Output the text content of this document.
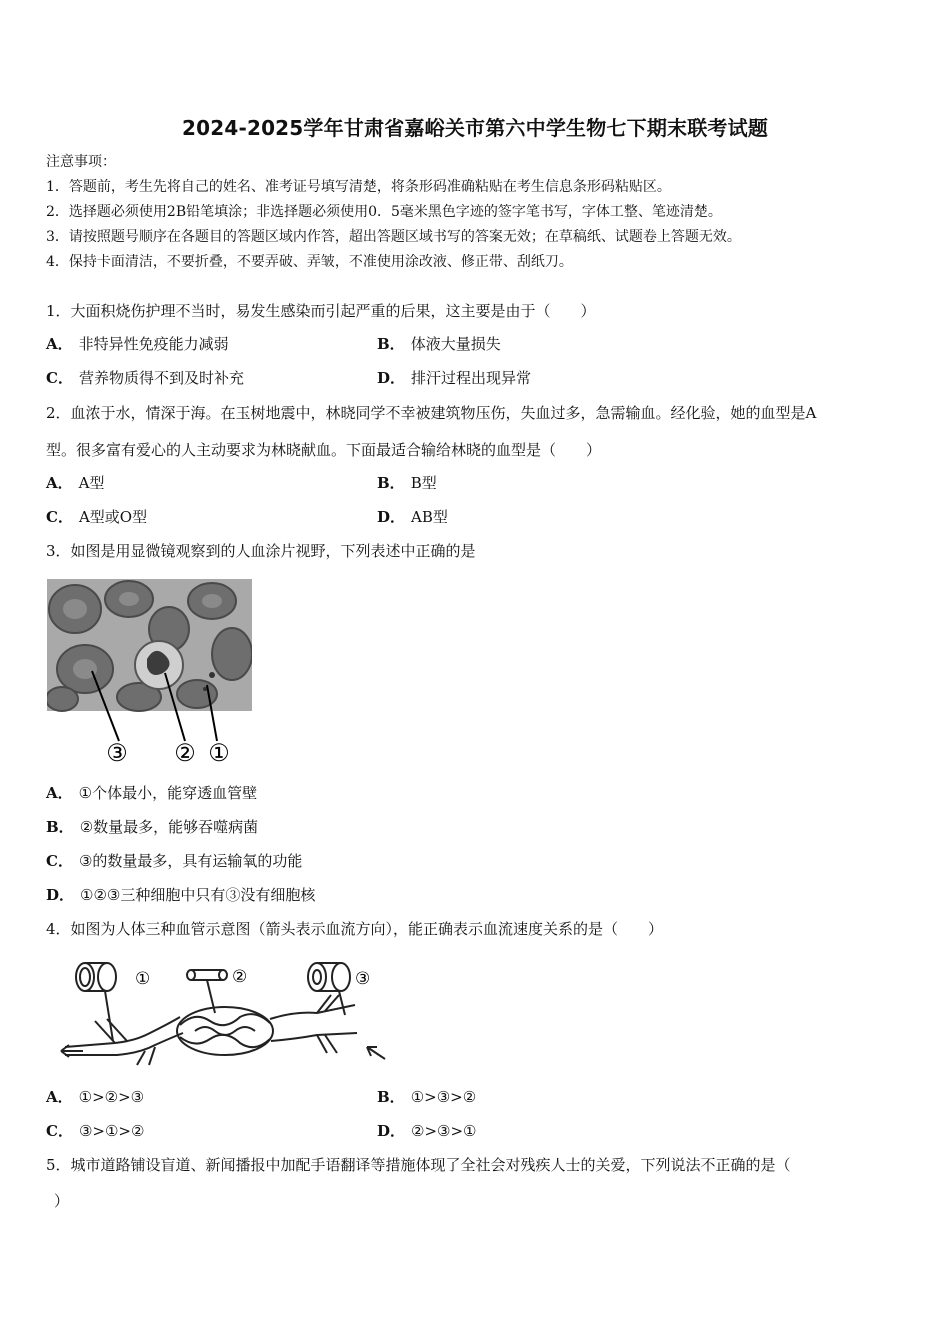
2024-2025学年甘肃省嘉峪关市第六中学生物七下期末联考试题
注意事项：
1．答题前，考生先将自己的姓名、准考证号填写清楚，将条形码准确粘贴在考生信息条形码粘贴区。
2．选择题必须使用2B铅笔填涂；非选择题必须使用0．5毫米黑色字迹的签字笔书写，字体工整、笔迹清楚。
3．请按照题号顺序在各题目的答题区域内作答，超出答题区域书写的答案无效；在草稿纸、试题卷上答题无效。
4．保持卡面清洁，不要折叠，不要弄破、弄皱，不准使用涂改液、修正带、刮纸刀。
1．大面积烧伤护理不当时，易发生感染而引起严重的后果，这主要是由于（　　）
A． 非特异性免疫能力减弱	B． 体液大量损失
C． 营养物质得不到及时补充	D． 排汗过程出现异常
2．血浓于水，情深于海。在玉树地震中，林晓同学不幸被建筑物压伤，失血过多，急需输血。经化验，她的血型是A
型。很多富有爱心的人主动要求为林晓献血。下面最适合输给林晓的血型是（　　）
A． A型	B． B型
C． A型或O型	D． AB型
3．如图是用显微镜观察到的人血涂片视野，下列表述中正确的是
③ ② ①
A． ①个体最小，能穿透血管壁
B． ②数量最多，能够吞噬病菌
C． ③的数量最多，具有运输氧的功能
D． ①②③三种细胞中只有③没有细胞核
4．如图为人体三种血管示意图（箭头表示血流方向），能正确表示血流速度关系的是（　　）
①	②	③
A． ①>②>③	B． ①>③>②
C． ③>①>②	D． ②>③>①
5．城市道路铺设盲道、新闻播报中加配手语翻译等措施体现了全社会对残疾人士的关爱，下列说法不正确的是（
）
